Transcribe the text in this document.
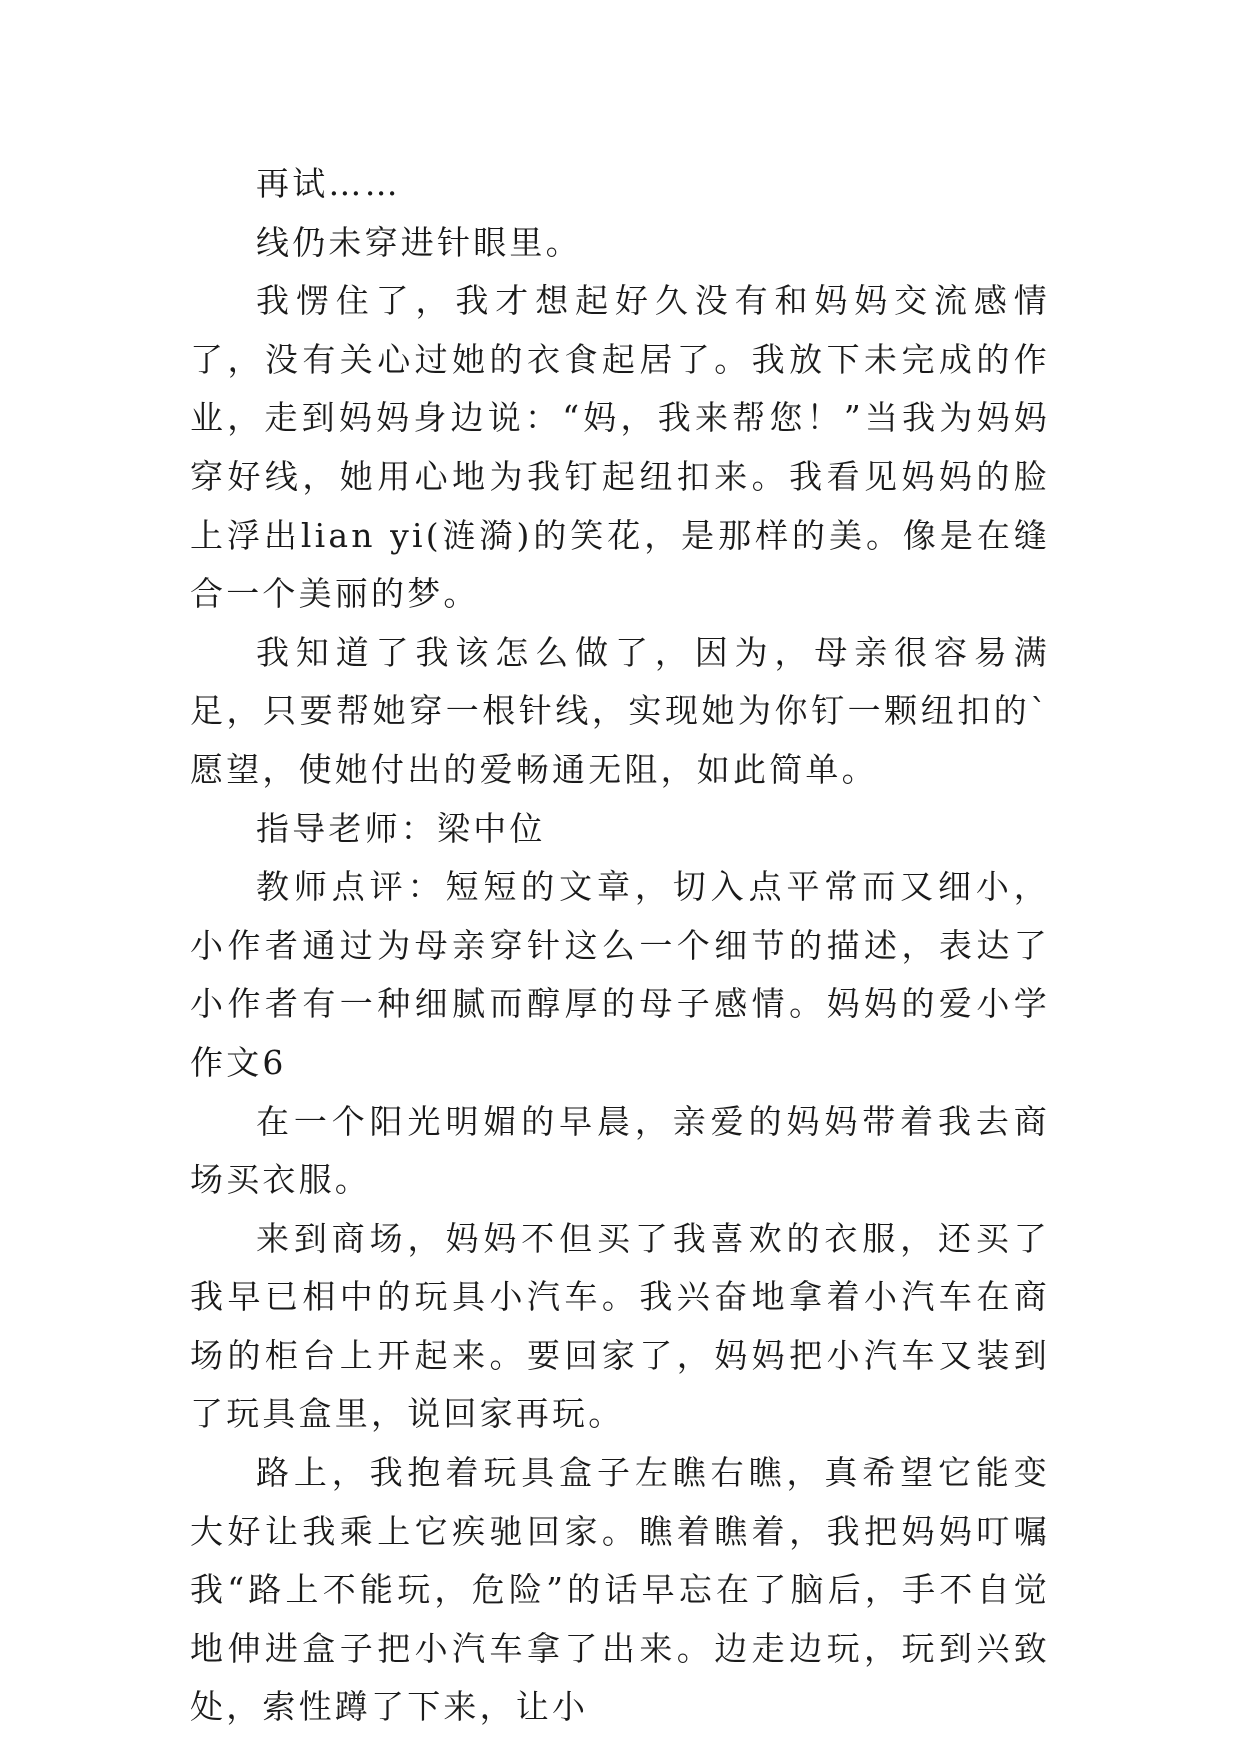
再试……

线仍未穿进针眼里。

我愣住了，我才想起好久没有和妈妈交流感情了，没有关心过她的衣食起居了。我放下未完成的作业，走到妈妈身边说：“妈，我来帮您！”当我为妈妈穿好线，她用心地为我钉起纽扣来。我看见妈妈的脸上浮出lian yi(涟漪)的笑花，是那样的美。像是在缝合一个美丽的梦。

我知道了我该怎么做了，因为，母亲很容易满足，只要帮她穿一根针线，实现她为你钉一颗纽扣的`愿望，使她付出的爱畅通无阻，如此简单。

指导老师：梁中位

教师点评：短短的文章，切入点平常而又细小，小作者通过为母亲穿针这么一个细节的描述，表达了小作者有一种细腻而醇厚的母子感情。妈妈的爱小学作文6

在一个阳光明媚的早晨，亲爱的妈妈带着我去商场买衣服。

来到商场，妈妈不但买了我喜欢的衣服，还买了我早已相中的玩具小汽车。我兴奋地拿着小汽车在商场的柜台上开起来。要回家了，妈妈把小汽车又装到了玩具盒里，说回家再玩。

路上，我抱着玩具盒子左瞧右瞧，真希望它能变大好让我乘上它疾驰回家。瞧着瞧着，我把妈妈叮嘱我“路上不能玩，危险”的话早忘在了脑后，手不自觉地伸进盒子把小汽车拿了出来。边走边玩，玩到兴致处，索性蹲了下来，让小
